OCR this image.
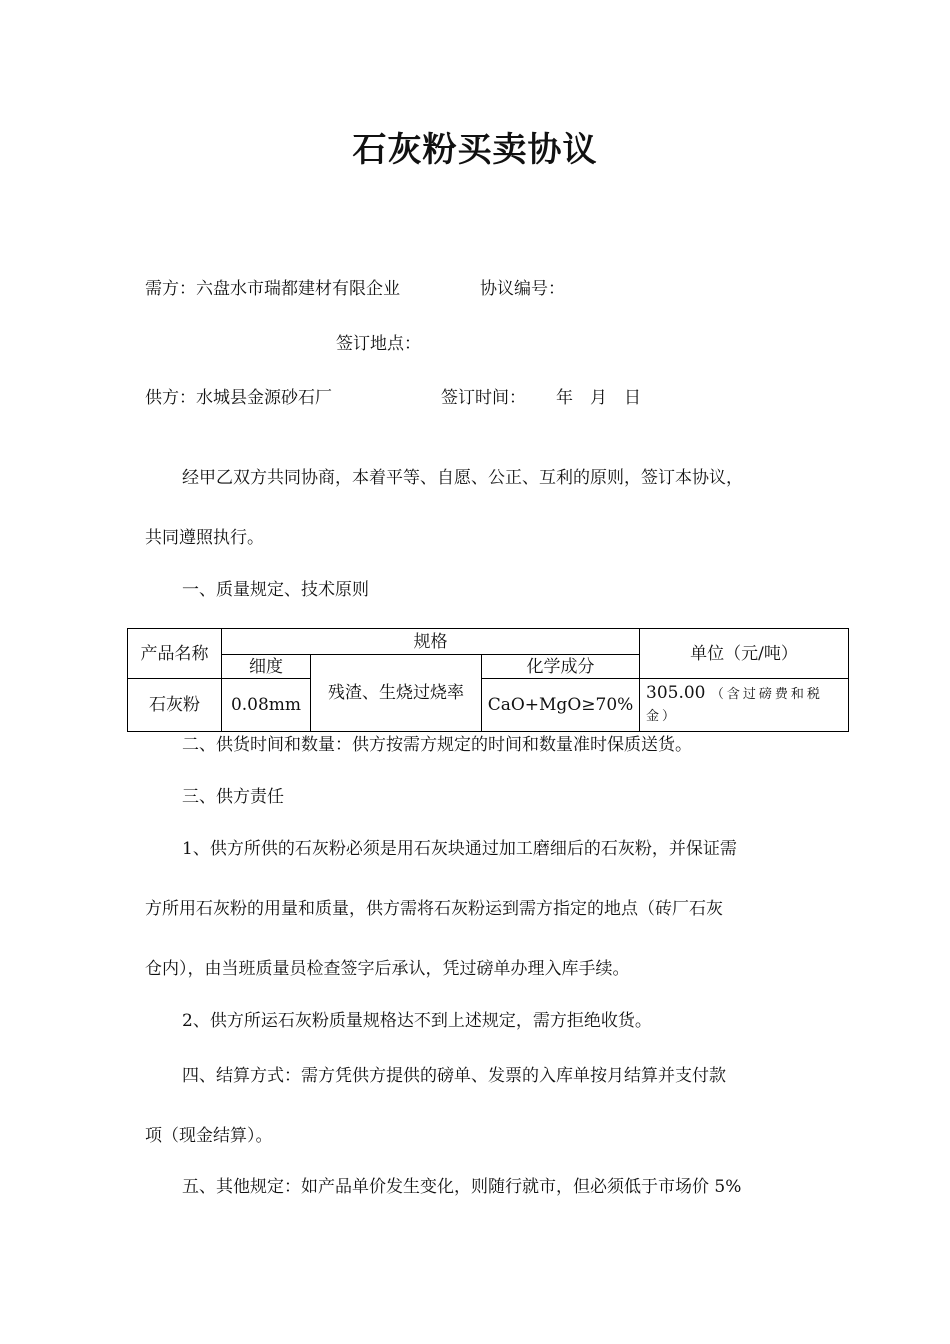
石灰粉买卖协议
需方：六盘水市瑞都建材有限企业	协议编号：
签订地点：
供方：水城县金源砂石厂	签订时间： 年 月 日
经甲乙双方共同协商，本着平等、自愿、公正、互利的原则，签订本协议，
共同遵照执行。
一、质量规定、技术原则
产品名称	规格			单位（元/吨）
	细度	残渣、生烧过烧率	化学成分	
石灰粉	0.08mm		CaO+MgO≥70%	305.00 （含过磅费和税
金）
二、供货时间和数量：供方按需方规定的时间和数量准时保质送货。
三、供方责任
1、供方所供的石灰粉必须是用石灰块通过加工磨细后的石灰粉，并保证需
方所用石灰粉的用量和质量，供方需将石灰粉运到需方指定的地点（砖厂石灰
仓内），由当班质量员检查签字后承认，凭过磅单办理入库手续。
2、供方所运石灰粉质量规格达不到上述规定，需方拒绝收货。
四、结算方式：需方凭供方提供的磅单、发票的入库单按月结算并支付款
项（现金结算）。
五、其他规定：如产品单价发生变化，则随行就市，但必须低于市场价 5%
